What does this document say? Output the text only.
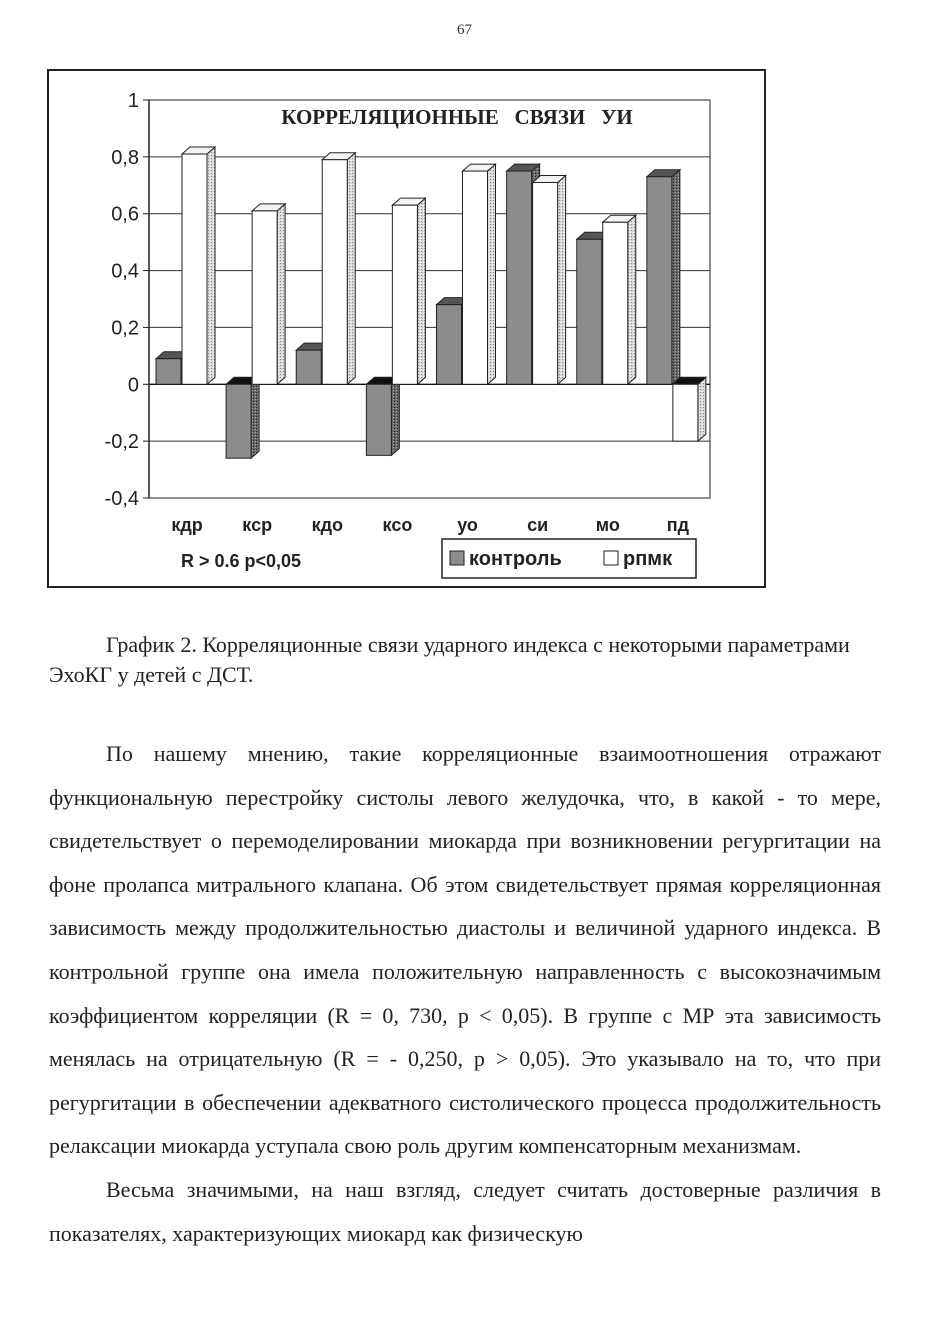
67
1
0,8
0,6
0,4
0,2
0
-0,2
-0,4
кдр кср кдо ксо уо	си	мо	пд
КОРРЕЛЯЦИОННЫЕ   СВЯЗИ   УИ
R > 0.6 p<0,05	контроль	рпмк

График 2. Корреляционные связи ударного индекса с некоторыми параметрами ЭхоКГ у детей с ДСТ.

По нашему мнению, такие корреляционные взаимоотношения отражают функциональную перестройку систолы левого желудочка, что, в какой - то мере, свидетельствует о перемоделировании миокарда при возникновении регургитации на фоне пролапса митрального клапана. Об этом свидетельствует прямая корреляционная зависимость между продолжительностью диастолы и величиной ударного индекса. В контрольной группе она имела положительную направленность с высокозначимым коэффициентом корреляции (R = 0, 730, p < 0,05). В группе с МР эта зависимость менялась на отрицательную (R = - 0,250, p > 0,05). Это указывало на то, что при регургитации в обеспечении адекватного систолического процесса продолжительность релаксации миокарда уступала свою роль другим компенсаторным механизмам.

Весьма значимыми, на наш взгляд, следует считать достоверные различия в показателях, характеризующих миокард как физическую
